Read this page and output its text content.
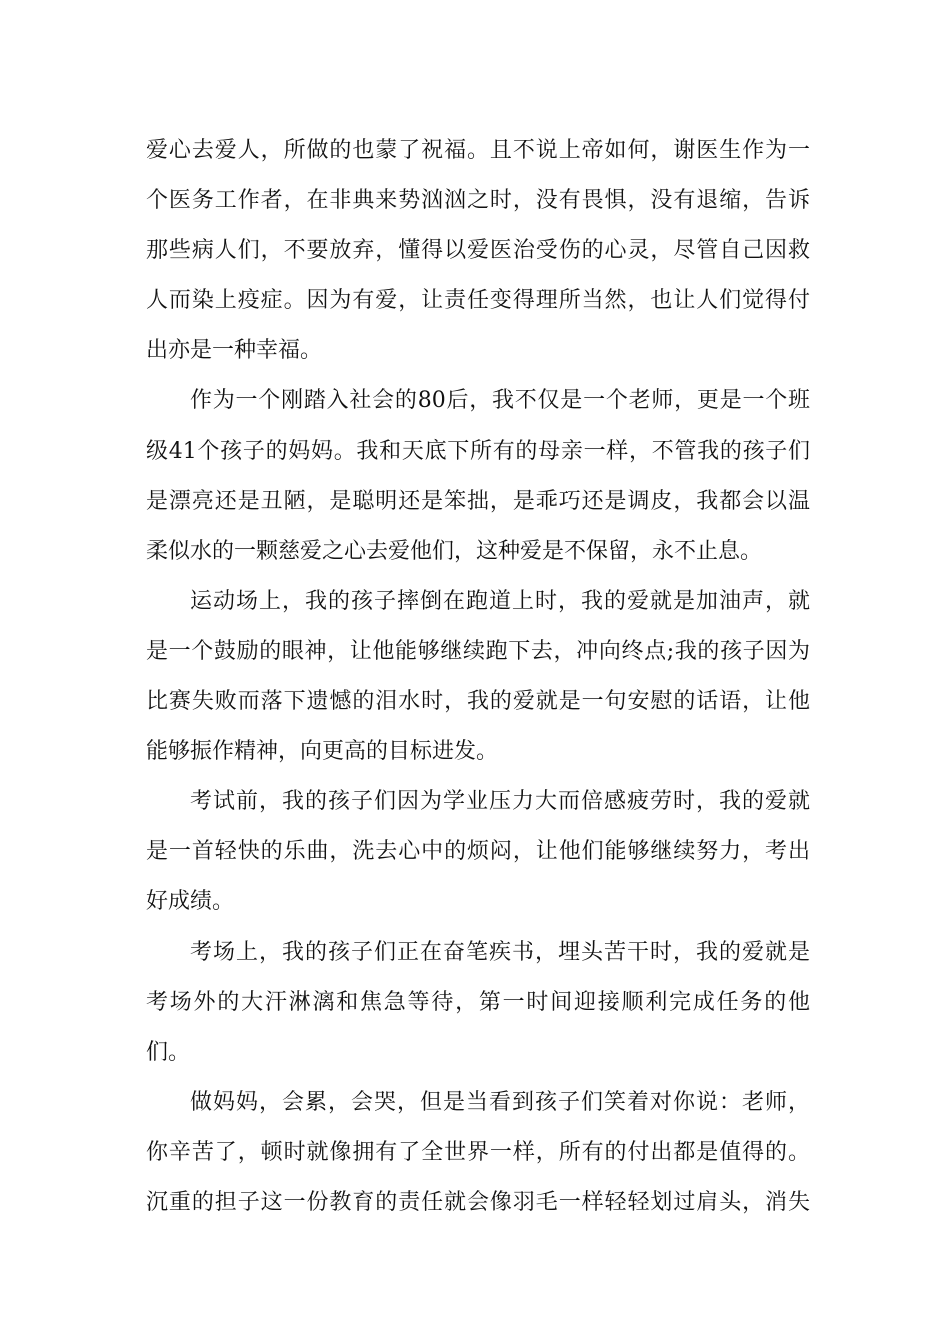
爱心去爱人，所做的也蒙了祝福。且不说上帝如何，谢医生作为一
个医务工作者，在非典来势汹汹之时，没有畏惧，没有退缩，告诉
那些病人们，不要放弃，懂得以爱医治受伤的心灵，尽管自己因救
人而染上疫症。因为有爱，让责任变得理所当然，也让人们觉得付
出亦是一种幸福。
作为一个刚踏入社会的80后，我不仅是一个老师，更是一个班
级41个孩子的妈妈。我和天底下所有的母亲一样，不管我的孩子们
是漂亮还是丑陋，是聪明还是笨拙，是乖巧还是调皮，我都会以温
柔似水的一颗慈爱之心去爱他们，这种爱是不保留，永不止息。
运动场上，我的孩子摔倒在跑道上时，我的爱就是加油声，就
是一个鼓励的眼神，让他能够继续跑下去，冲向终点;我的孩子因为
比赛失败而落下遗憾的泪水时，我的爱就是一句安慰的话语，让他
能够振作精神，向更高的目标进发。
考试前，我的孩子们因为学业压力大而倍感疲劳时，我的爱就
是一首轻快的乐曲，洗去心中的烦闷，让他们能够继续努力，考出
好成绩。
考场上，我的孩子们正在奋笔疾书，埋头苦干时，我的爱就是
考场外的大汗淋漓和焦急等待，第一时间迎接顺利完成任务的他
们。
做妈妈，会累，会哭，但是当看到孩子们笑着对你说：老师，
你辛苦了，顿时就像拥有了全世界一样，所有的付出都是值得的。
沉重的担子这一份教育的责任就会像羽毛一样轻轻划过肩头，消失
